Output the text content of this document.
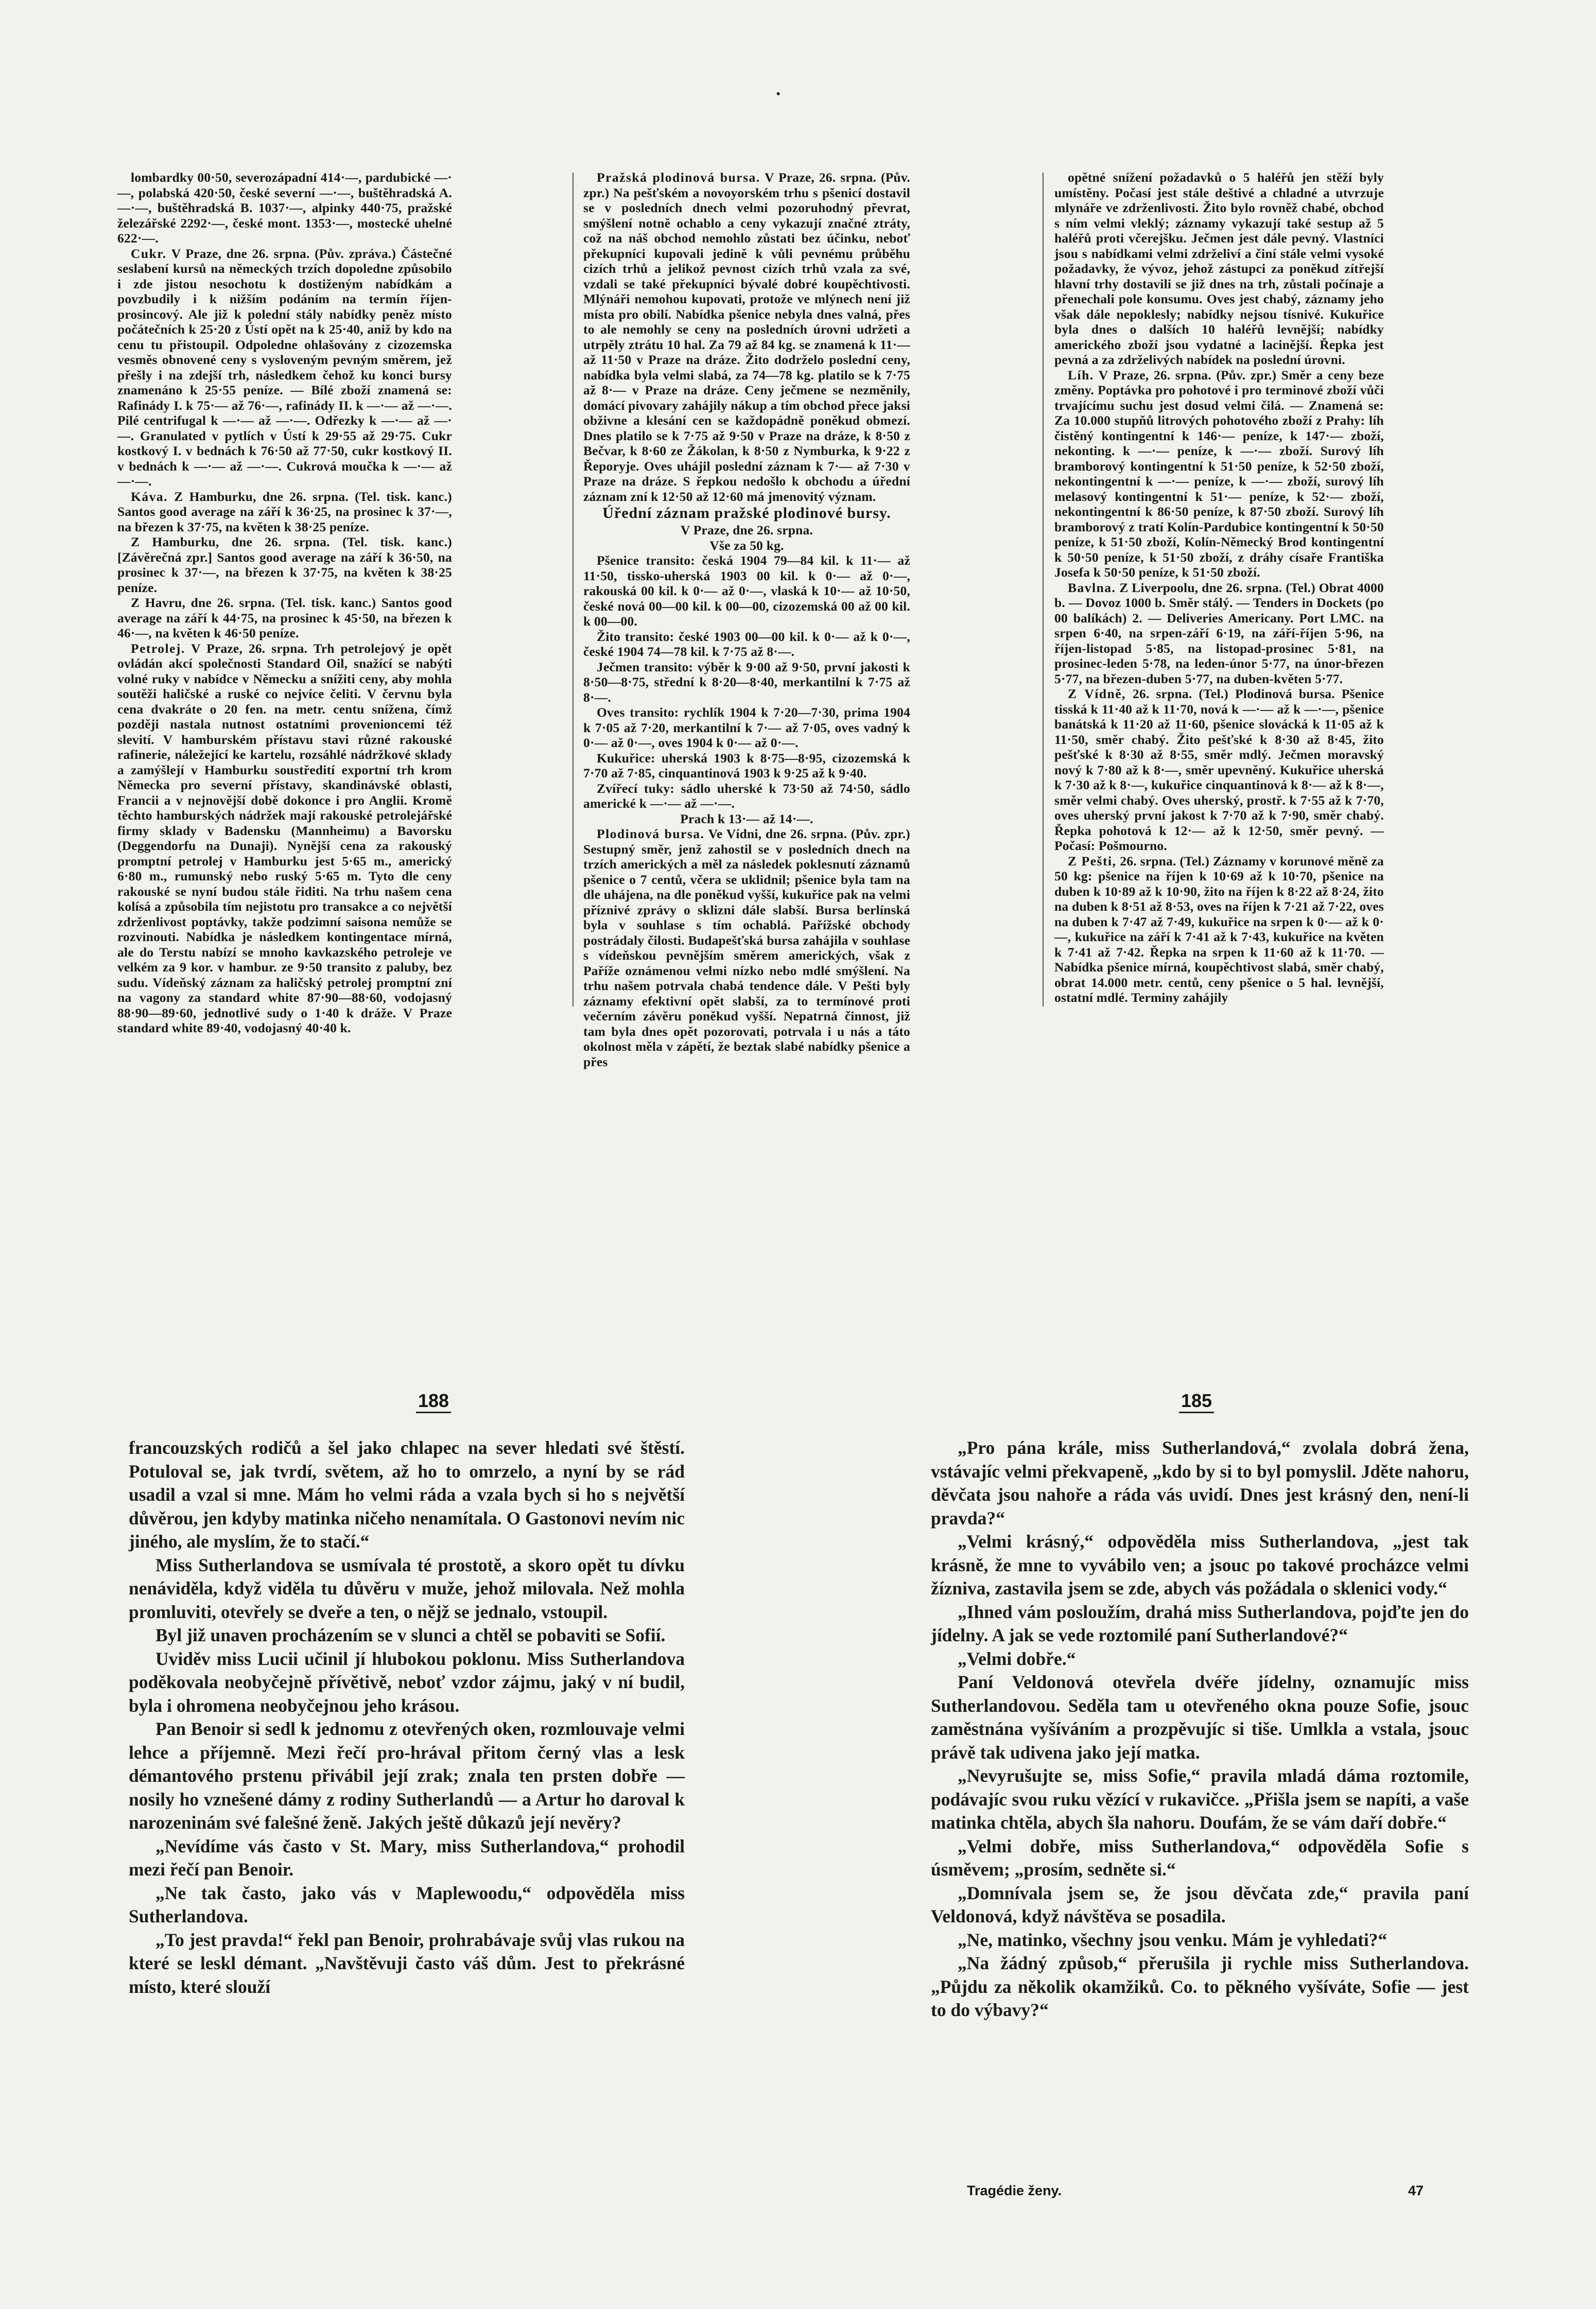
˙

lombardky 00·50, severozápadní 414·—, pardubické —·—, polabská 420·50, české severní —·—, buštěhradská A. —·—, buštěhradská B. 1037·—, alpinky 440·75, pražské železářské 2292·—, české mont. 1353·—, mostecké uhelné 622·—.

Cukr. V Praze, dne 26. srpna. (Pův. zpráva.) Částečné seslabení kursů na německých trzích dopoledne způsobilo i zde jistou nesochotu k dostiženým nabídkám a povzbudily i k nižším podáním na termín říjen-prosincový. Ale již k polední stály nabídky peněz místo počátečních k 25·20 z Ústí opět na k 25·40, aniž by kdo na cenu tu přistoupil. Odpoledne ohlašovány z cizozemska vesměs obnovené ceny s vysloveným pevným směrem, jež přešly i na zdejší trh, následkem čehož ku konci bursy znamenáno k 25·55 peníze. — Bílé zboží znamená se: Rafinády I. k 75·— až 76·—, rafinády II. k —·— až —·—. Pilé centrifugal k —·— až —·—. Odřezky k —·— až —·—. Granulated v pytlích v Ústí k 29·55 až 29·75. Cukr kostkový I. v bednách k 76·50 až 77·50, cukr kostkový II. v bednách k —·— až —·—. Cukrová moučka k —·— až —·—.

Káva. Z Hamburku, dne 26. srpna. (Tel. tisk. kanc.) Santos good average na září k 36·25, na prosinec k 37·—, na březen k 37·75, na květen k 38·25 peníze.

Z Hamburku, dne 26. srpna. (Tel. tisk. kanc.) [Závěrečná zpr.] Santos good average na září k 36·50, na prosinec k 37·—, na březen k 37·75, na květen k 38·25 peníze.

Z Havru, dne 26. srpna. (Tel. tisk. kanc.) Santos good average na září k 44·75, na prosinec k 45·50, na březen k 46·—, na květen k 46·50 peníze.

Petrolej. V Praze, 26. srpna. Trh petrolejový je opět ovládán akcí společnosti Standard Oil, snažící se nabýti volné ruky v nabídce v Německu a snížiti ceny, aby mohla soutěži haličské a ruské co nejvíce čeliti. V červnu byla cena dvakráte o 20 fen. na metr. centu snížena, čímž později nastala nutnost ostatními provenioncemi též slevití. V hamburském přístavu stavi různé rakouské rafinerie, náležející ke kartelu, rozsáhlé nádržkové sklady a zamýšlejí v Hamburku soustředití exportní trh krom Německa pro severní přístavy, skandinávské oblasti, Francii a v nejnovější době dokonce i pro Anglii. Kromě těchto hamburských nádržek mají rakouské petrolejářské firmy sklady v Badensku (Mannheimu) a Bavorsku (Deggendorfu na Dunaji). Nynější cena za rakouský promptní petrolej v Hamburku jest 5·65 m., americký 6·80 m., rumunský nebo ruský 5·65 m. Tyto dle ceny rakouské se nyní budou stále řiditi. Na trhu našem cena kolísá a způsobila tím nejistotu pro transakce a co největší zdrženlivost poptávky, takže podzimní saisona nemůže se rozvinouti. Nabídka je následkem kontingentace mírná, ale do Terstu nabízí se mnoho kavkazského petroleje ve velkém za 9 kor. v hambur. ze 9·50 transito z paluby, bez sudu. Vídeňský záznam za haličský petrolej promptní zní na vagony za standard white 87·90—88·60, vodojasný 88·90—89·60, jednotlivé sudy o 1·40 k dráže. V Praze standard white 89·40, vodojasný 40·40 k.

Pražská plodinová bursa. V Praze, 26. srpna. (Pův. zpr.) Na pešťském a novoyorském trhu s pšenicí dostavil se v posledních dnech velmi pozoruhodný převrat, smýšlení notně ochablo a ceny vykazují značné ztráty, což na náš obchod nemohlo zůstati bez účinku, neboť překupníci kupovali jedině k vůli pevnému průběhu cizích trhů a jelikož pevnost cizích trhů vzala za své, vzdali se také překupníci bývalé dobré koupěchtivosti. Mlýnáři nemohou kupovati, protože ve mlýnech není již místa pro obilí. Nabídka pšenice nebyla dnes valná, přes to ale nemohly se ceny na posledních úrovni udržeti a utrpěly ztrátu 10 hal. Za 79 až 84 kg. se znamená k 11·— až 11·50 v Praze na dráze. Žito dodrželo poslední ceny, nabídka byla velmi slabá, za 74—78 kg. platilo se k 7·75 až 8·— v Praze na dráze. Ceny ječmene se nezměnily, domácí pivovary zahájily nákup a tím obchod přece jaksi obživne a klesání cen se každopádně poněkud obmezí. Dnes platilo se k 7·75 až 9·50 v Praze na dráze, k 8·50 z Bečvar, k 8·60 ze Žákolan, k 8·50 z Nymburka, k 9·22 z Řeporyje. Oves uhájil poslední záznam k 7·— až 7·30 v Praze na dráze. S řepkou nedošlo k obchodu a úřední záznam zní k 12·50 až 12·60 má jmenovitý význam.

Úřední záznam pražské plodinové bursy.

V Praze, dne 26. srpna.

Vše za 50 kg.

Pšenice transito: česká 1904 79—84 kil. k 11·— až 11·50, tissko-uherská 1903 00 kil. k 0·— až 0·—, rakouská 00 kil. k 0·— až 0·—, vlaská k 10·— až 10·50, české nová 00—00 kil. k 00—00, cizozemská 00 až 00 kil. k 00—00.

Žito transito: české 1903 00—00 kil. k 0·— až k 0·—, české 1904 74—78 kil. k 7·75 až 8·—.

Ječmen transito: výběr k 9·00 až 9·50, první jakosti k 8·50—8·75, střední k 8·20—8·40, merkantilní k 7·75 až 8·—.

Oves transito: rychlík 1904 k 7·20—7·30, prima 1904 k 7·05 až 7·20, merkantilní k 7·— až 7·05, oves vadný k 0·— až 0·—, oves 1904 k 0·— až 0·—.

Kukuřice: uherská 1903 k 8·75—8·95, cizozemská k 7·70 až 7·85, cinquantinová 1903 k 9·25 až k 9·40.

Zvířecí tuky: sádlo uherské k 73·50 až 74·50, sádlo americké k —·— až —·—.

Prach k 13·— až 14·—.

Plodinová bursa. Ve Vídni, dne 26. srpna. (Pův. zpr.) Sestupný směr, jenž zahostil se v posledních dnech na trzích amerických a měl za následek poklesnutí záznamů pšenice o 7 centů, včera se uklidnil; pšenice byla tam na dle uhájena, na dle poněkud vyšší, kukuřice pak na velmi příznivé zprávy o sklizni dále slabší. Bursa berlínská byla v souhlase s tím ochablá. Pařížské obchody postrádaly čilosti. Budapešťská bursa zahájila v souhlase s vídeňskou pevnějším směrem amerických, však z Paříže oznámenou velmi nízko nebo mdlé smýšlení. Na trhu našem potrvala chabá tendence dále. V Pešti byly záznamy efektivní opět slabší, za to termínové proti večerním závěru poněkud vyšší. Nepatrná činnost, již tam byla dnes opět pozorovati, potrvala i u nás a táto okolnost měla v zápětí, že beztak slabé nabídky pšenice a přes

opětné snížení požadavků o 5 haléřů jen stěží byly umístěny. Počasí jest stále deštivé a chladné a utvrzuje mlynáře ve zdrženlivosti. Žito bylo rovněž chabé, obchod s ním velmi vleklý; záznamy vykazují také sestup až 5 haléřů proti včerejšku. Ječmen jest dále pevný. Vlastníci jsou s nabídkami velmi zdrželiví a činí stále velmi vysoké požadavky, že vývoz, jehož zástupci za poněkud zítřejší hlavní trhy dostavili se již dnes na trh, zůstali počínaje a přenechali pole konsumu. Oves jest chabý, záznamy jeho však dále nepoklesly; nabídky nejsou tísnivé. Kukuřice byla dnes o dalších 10 haléřů levnější; nabídky amerického zboží jsou vydatné a lacinější. Řepka jest pevná a za zdrželivých nabídek na poslední úrovni.

Líh. V Praze, 26. srpna. (Pův. zpr.) Směr a ceny beze změny. Poptávka pro pohotové i pro terminové zboží vůči trvajícímu suchu jest dosud velmi čilá. — Znamená se: Za 10.000 stupňů litrových pohotového zboží z Prahy: líh čistěný kontingentní k 146·— peníze, k 147·— zboží, nekonting. k —·— peníze, k —·— zboží. Surový líh bramborový kontingentní k 51·50 peníze, k 52·50 zboží, nekontingentní k —·— peníze, k —·— zboží, surový líh melasový kontingentní k 51·— peníze, k 52·— zboží, nekontingentní k 86·50 peníze, k 87·50 zboží. Surový líh bramborový z tratí Kolín-Pardubice kontingentní k 50·50 peníze, k 51·50 zboží, Kolín-Německý Brod kontingentní k 50·50 peníze, k 51·50 zboží, z dráhy císaře Františka Josefa k 50·50 peníze, k 51·50 zboží.

Bavlna. Z Liverpoolu, dne 26. srpna. (Tel.) Obrat 4000 b. — Dovoz 1000 b. Směr stálý. — Tenders in Dockets (po 00 balíkách) 2. — Deliveries Americany. Port LMC. na srpen 6·40, na srpen-září 6·19, na září-říjen 5·96, na říjen-listopad 5·85, na listopad-prosinec 5·81, na prosinec-leden 5·78, na leden-únor 5·77, na únor-březen 5·77, na březen-duben 5·77, na duben-květen 5·77.

Z Vídně, 26. srpna. (Tel.) Plodinová bursa. Pšenice tisská k 11·40 až k 11·70, nová k —·— až k —·—, pšenice banátská k 11·20 až 11·60, pšenice slovácká k 11·05 až k 11·50, směr chabý. Žito pešťské k 8·30 až 8·45, žito pešťské k 8·30 až 8·55, směr mdlý. Ječmen moravský nový k 7·80 až k 8·—, směr upevněný. Kukuřice uherská k 7·30 až k 8·—, kukuřice cinquantinová k 8·— až k 8·—, směr velmi chabý. Oves uherský, prostř. k 7·55 až k 7·70, oves uherský první jakost k 7·70 až k 7·90, směr chabý. Řepka pohotová k 12·— až k 12·50, směr pevný. — Počasí: Pošmourno.

Z Pešti, 26. srpna. (Tel.) Záznamy v korunové měně za 50 kg: pšenice na říjen k 10·69 až k 10·70, pšenice na duben k 10·89 až k 10·90, žito na říjen k 8·22 až 8·24, žito na duben k 8·51 až 8·53, oves na říjen k 7·21 až 7·22, oves na duben k 7·47 až 7·49, kukuřice na srpen k 0·— až k 0·—, kukuřice na září k 7·41 až k 7·43, kukuřice na květen k 7·41 až 7·42. Řepka na srpen k 11·60 až k 11·70. — Nabídka pšenice mírná, koupěchtivost slabá, směr chabý, obrat 14.000 metr. centů, ceny pšenice o 5 hal. levnější, ostatní mdlé. Terminy zahájily

188	185

francouzských rodičů a šel jako chlapec na sever hledati své štěstí. Potuloval se, jak tvrdí, světem, až ho to omrzelo, a nyní by se rád usadil a vzal si mne. Mám ho velmi ráda a vzala bych si ho s největší důvěrou, jen kdyby matinka ničeho nenamítala. O Gastonovi nevím nic jiného, ale myslím, že to stačí.“

Miss Sutherlandova se usmívala té prostotě, a skoro opět tu dívku nenáviděla, když viděla tu důvěru v muže, jehož milovala. Než mohla promluviti, otevřely se dveře a ten, o nějž se jednalo, vstoupil.

Byl již unaven procházením se v slunci a chtěl se pobaviti se Sofií.

Uviděv miss Lucii učinil jí hlubokou poklonu. Miss Sutherlandova poděkovala neobyčejně přívětivě, neboť vzdor zájmu, jaký v ní budil, byla i ohromena neobyčejnou jeho krásou.

Pan Benoir si sedl k jednomu z otevřených oken, rozmlouvaje velmi lehce a příjemně. Mezi řečí pro-hrával přitom černý vlas a lesk démantového prstenu přivábil její zrak; znala ten prsten dobře — nosily ho vznešené dámy z rodiny Sutherlandů — a Artur ho daroval k narozeninám své falešné ženě. Jakých ještě důkazů její nevěry?

„Nevídíme vás často v St. Mary, miss Sutherlandova,“ prohodil mezi řečí pan Benoir.

„Ne tak často, jako vás v Maplewoodu,“ odpověděla miss Sutherlandova.

„To jest pravda!“ řekl pan Benoir, prohrabávaje svůj vlas rukou na které se leskl démant. „Navštěvuji často váš dům. Jest to překrásné místo, které slouží

„Pro pána krále, miss Sutherlandová,“ zvolala dobrá žena, vstávajíc velmi překvapeně, „kdo by si to byl pomyslil. Jděte nahoru, děvčata jsou nahoře a ráda vás uvidí. Dnes jest krásný den, není-li pravda?“

„Velmi krásný,“ odpověděla miss Sutherlandova, „jest tak krásně, že mne to vyvábilo ven; a jsouc po takové procházce velmi žízniva, zastavila jsem se zde, abych vás požádala o sklenici vody.“

„Ihned vám posloužím, drahá miss Sutherlandova, pojďte jen do jídelny. A jak se vede roztomilé paní Sutherlandové?“

„Velmi dobře.“

Paní Veldonová otevřela dvéře jídelny, oznamujíc miss Sutherlandovou. Seděla tam u otevřeného okna pouze Sofie, jsouc zaměstnána vyšíváním a prozpěvujíc si tiše. Umlkla a vstala, jsouc právě tak udivena jako její matka.

„Nevyrušujte se, miss Sofie,“ pravila mladá dáma roztomile, podávajíc svou ruku vězící v rukavičce. „Přišla jsem se napíti, a vaše matinka chtěla, abych šla nahoru. Doufám, že se vám daří dobře.“

„Velmi dobře, miss Sutherlandova,“ odpověděla Sofie s úsměvem; „prosím, sedněte si.“

„Domnívala jsem se, že jsou děvčata zde,“ pravila paní Veldonová, když návštěva se posadila.

„Ne, matinko, všechny jsou venku. Mám je vyhledati?“

„Na žádný způsob,“ přerušila ji rychle miss Sutherlandova. „Půjdu za několik okamžiků. Co. to pěkného vyšíváte, Sofie — jest to do výbavy?“

Tragédie ženy.	47
